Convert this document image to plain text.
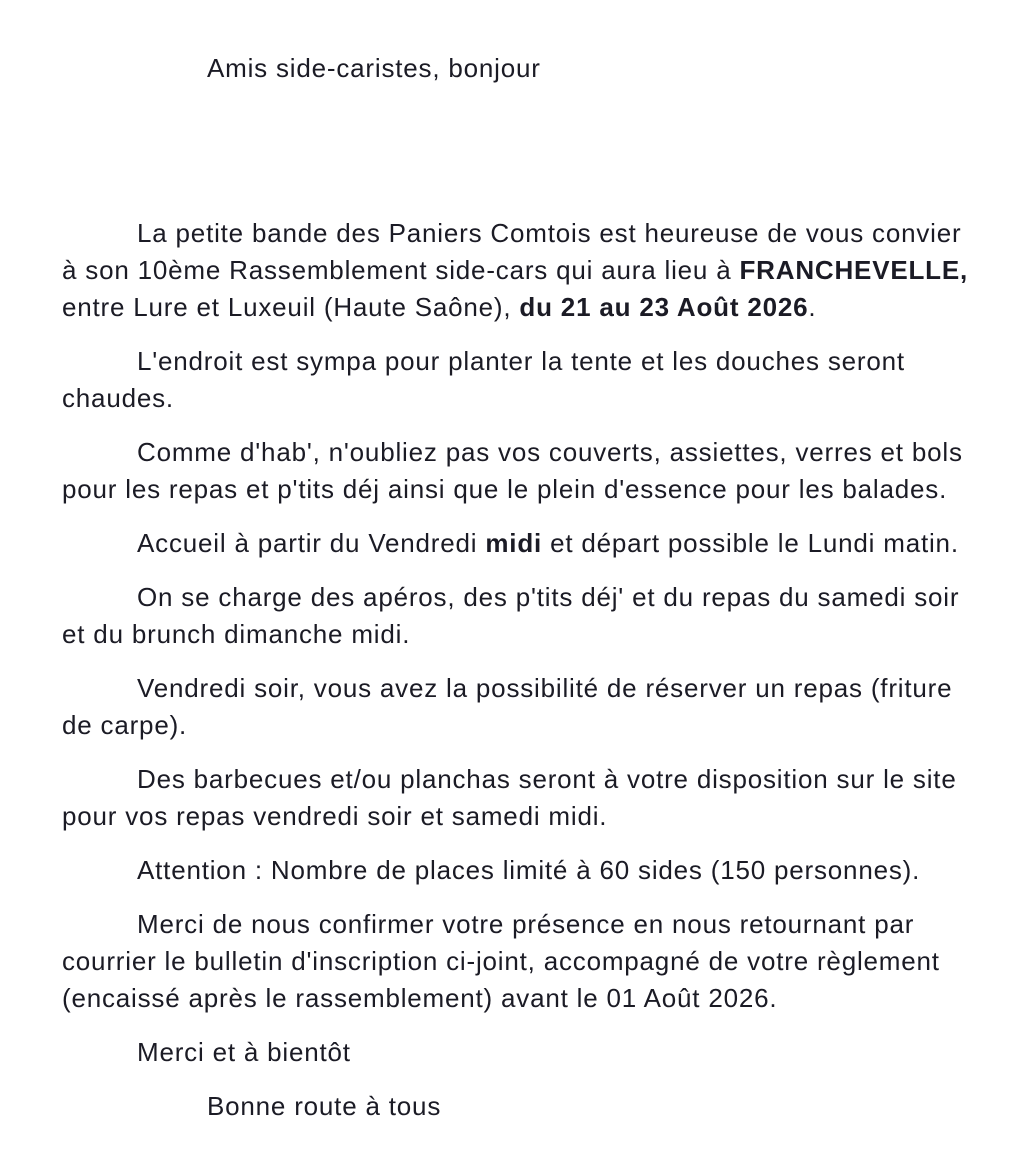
Amis side-caristes, bonjour

La petite bande des Paniers Comtois est heureuse de vous convier
à son 10ème Rassemblement side-cars qui aura lieu à FRANCHEVELLE,
entre Lure et Luxeuil (Haute Saône), du 21 au 23 Août 2026.

L'endroit est sympa pour planter la tente et les douches seront
chaudes.

Comme d'hab', n'oubliez pas vos couverts, assiettes, verres et bols
pour les repas et p'tits déj ainsi que le plein d'essence pour les balades.

Accueil à partir du Vendredi midi et départ possible le Lundi matin.

On se charge des apéros, des p'tits déj' et du repas du samedi soir
et du brunch dimanche midi.

Vendredi soir, vous avez la possibilité de réserver un repas (friture
de carpe).

Des barbecues et/ou planchas seront à votre disposition sur le site
pour vos repas vendredi soir et samedi midi.

Attention : Nombre de places limité à 60 sides (150 personnes).

Merci de nous confirmer votre présence en nous retournant par
courrier le bulletin d'inscription ci-joint, accompagné de votre règlement
(encaissé après le rassemblement) avant le 01 Août 2026.

Merci et à bientôt

Bonne route à tous
